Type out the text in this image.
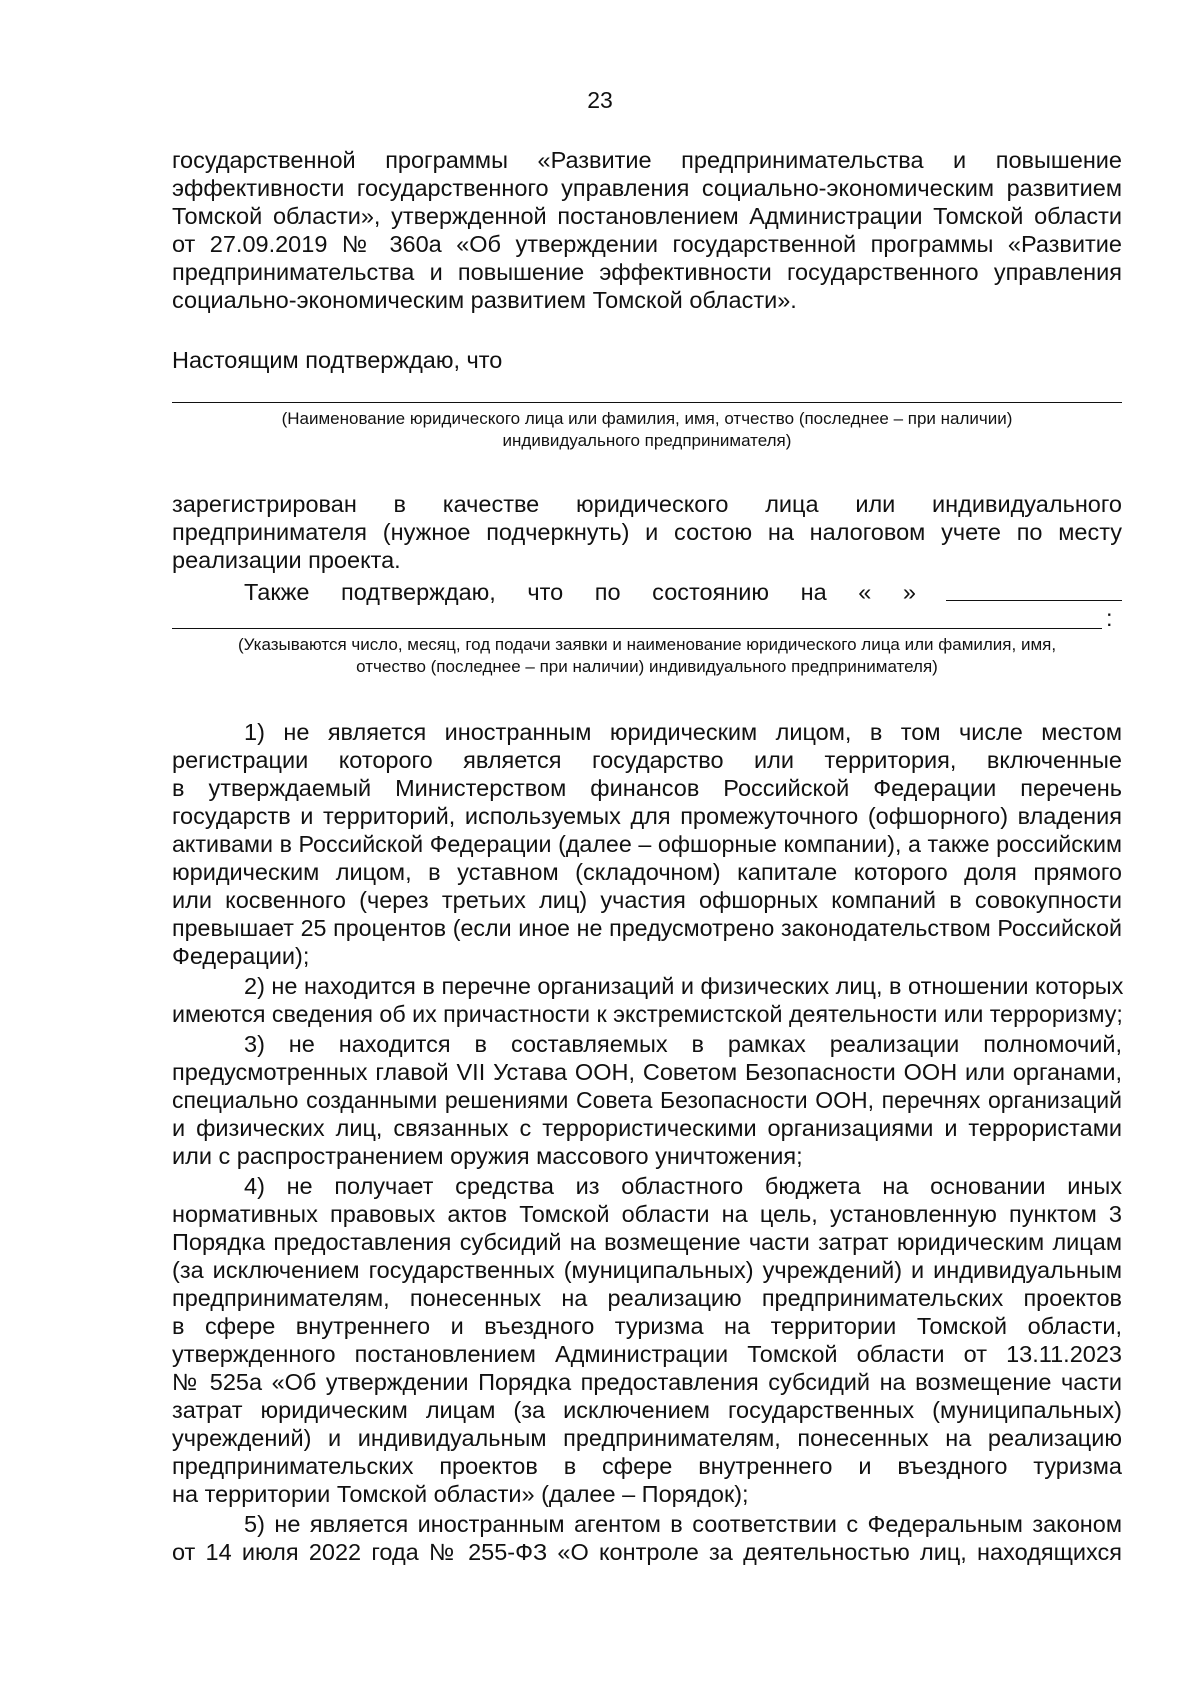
23
государственной программы «Развитие предпринимательства и повышение
эффективности государственного управления социально-экономическим развитием
Томской области», утвержденной постановлением Администрации Томской области
от 27.09.2019 № 360а «Об утверждении государственной программы «Развитие
предпринимательства и повышение эффективности государственного управления
социально-экономическим развитием Томской области».
Настоящим подтверждаю, что
(Наименование юридического лица или фамилия, имя, отчество (последнее – при наличии)
индивидуального предпринимателя)
зарегистрирован в качестве юридического лица или индивидуального
предпринимателя (нужное подчеркнуть) и состою на налоговом учете по месту
реализации проекта.
Также подтверждаю, что по состоянию на « »
:
(Указываются число, месяц, год подачи заявки и наименование юридического лица или фамилия, имя,
отчество (последнее – при наличии) индивидуального предпринимателя)
1) не является иностранным юридическим лицом, в том числе местом
регистрации которого является государство или территория, включенные
в утверждаемый Министерством финансов Российской Федерации перечень
государств и территорий, используемых для промежуточного (офшорного) владения
активами в Российской Федерации (далее – офшорные компании), а также российским
юридическим лицом, в уставном (складочном) капитале которого доля прямого
или косвенного (через третьих лиц) участия офшорных компаний в совокупности
превышает 25 процентов (если иное не предусмотрено законодательством Российской
Федерации);
2) не находится в перечне организаций и физических лиц, в отношении которых
имеются сведения об их причастности к экстремистской деятельности или терроризму;
3) не находится в составляемых в рамках реализации полномочий,
предусмотренных главой VII Устава ООН, Советом Безопасности ООН или органами,
специально созданными решениями Совета Безопасности ООН, перечнях организаций
и физических лиц, связанных с террористическими организациями и террористами
или с распространением оружия массового уничтожения;
4) не получает средства из областного бюджета на основании иных
нормативных правовых актов Томской области на цель, установленную пунктом 3
Порядка предоставления субсидий на возмещение части затрат юридическим лицам
(за исключением государственных (муниципальных) учреждений) и индивидуальным
предпринимателям, понесенных на реализацию предпринимательских проектов
в сфере внутреннего и въездного туризма на территории Томской области,
утвержденного постановлением Администрации Томской области от 13.11.2023
№ 525а «Об утверждении Порядка предоставления субсидий на возмещение части
затрат юридическим лицам (за исключением государственных (муниципальных)
учреждений) и индивидуальным предпринимателям, понесенных на реализацию
предпринимательских проектов в сфере внутреннего и въездного туризма
на территории Томской области» (далее – Порядок);
5) не является иностранным агентом в соответствии с Федеральным законом
от 14 июля 2022 года № 255-ФЗ «О контроле за деятельностью лиц, находящихся
